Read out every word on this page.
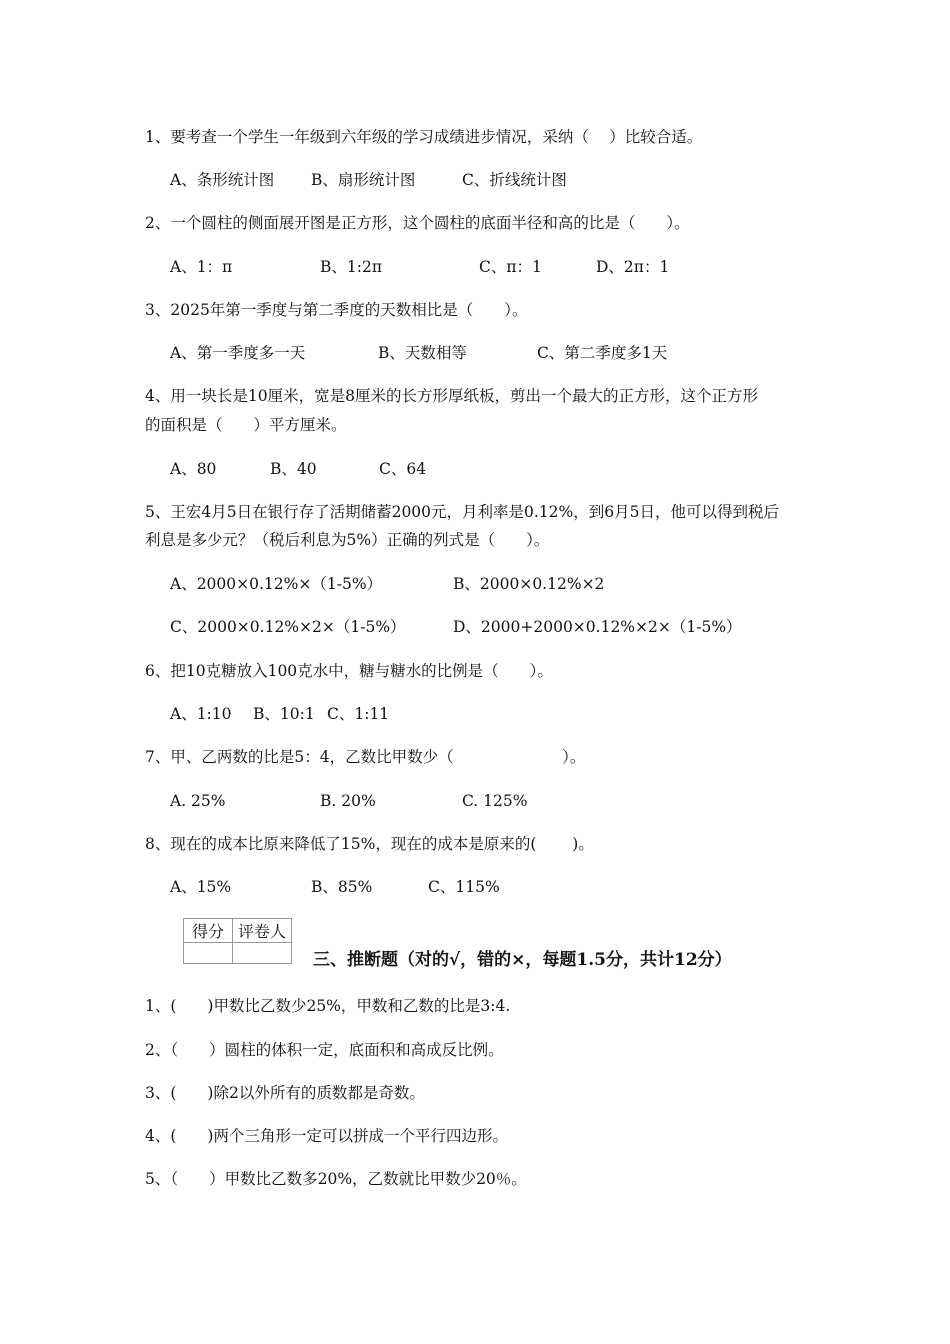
1、要考查一个学生一年级到六年级的学习成绩进步情况，采纳（　 ）比较合适。
A、条形统计图 B、扇形统计图	C、折线统计图
2、一个圆柱的侧面展开图是正方形，这个圆柱的底面半径和高的比是（　　）。
A、1：π	B、1:2π	C、π：1	D、2π：1
3、2025年第一季度与第二季度的天数相比是（　　）。
A、第一季度多一天	B、天数相等	C、第二季度多1天
4、用一块长是10厘米，宽是8厘米的长方形厚纸板，剪出一个最大的正方形，这个正方形
的面积是（　　）平方厘米。
A、80	B、40	C、64
5、王宏4月5日在银行存了活期储蓄2000元，月利率是0.12%，到6月5日，他可以得到税后
利息是多少元？（税后利息为5%）正确的列式是（　　）。
A、2000×0.12%×（1-5%）	B、2000×0.12%×2
C、2000×0.12%×2×（1-5%）	D、2000+2000×0.12%×2×（1-5%）
6、把10克糖放入100克水中，糖与糖水的比例是（　　）。
A、1:10 B、10:1 C、1:11
7、甲、乙两数的比是5：4，乙数比甲数少（　　　　　　　）。
A. 25%	B. 20%	C. 125%
8、现在的成本比原来降低了15%，现在的成本是原来的(　　 )。
A、15%	B、85%	C、115%
得分	评卷人

三、推断题（对的√，错的×，每题1.5分，共计12分）
1、(　　)甲数比乙数少25%，甲数和乙数的比是3:4.
2、（　　）圆柱的体积一定，底面积和高成反比例。
3、(　　)除2以外所有的质数都是奇数。
4、(　　)两个三角形一定可以拼成一个平行四边形。
5、（　　）甲数比乙数多20%，乙数就比甲数少20％。
